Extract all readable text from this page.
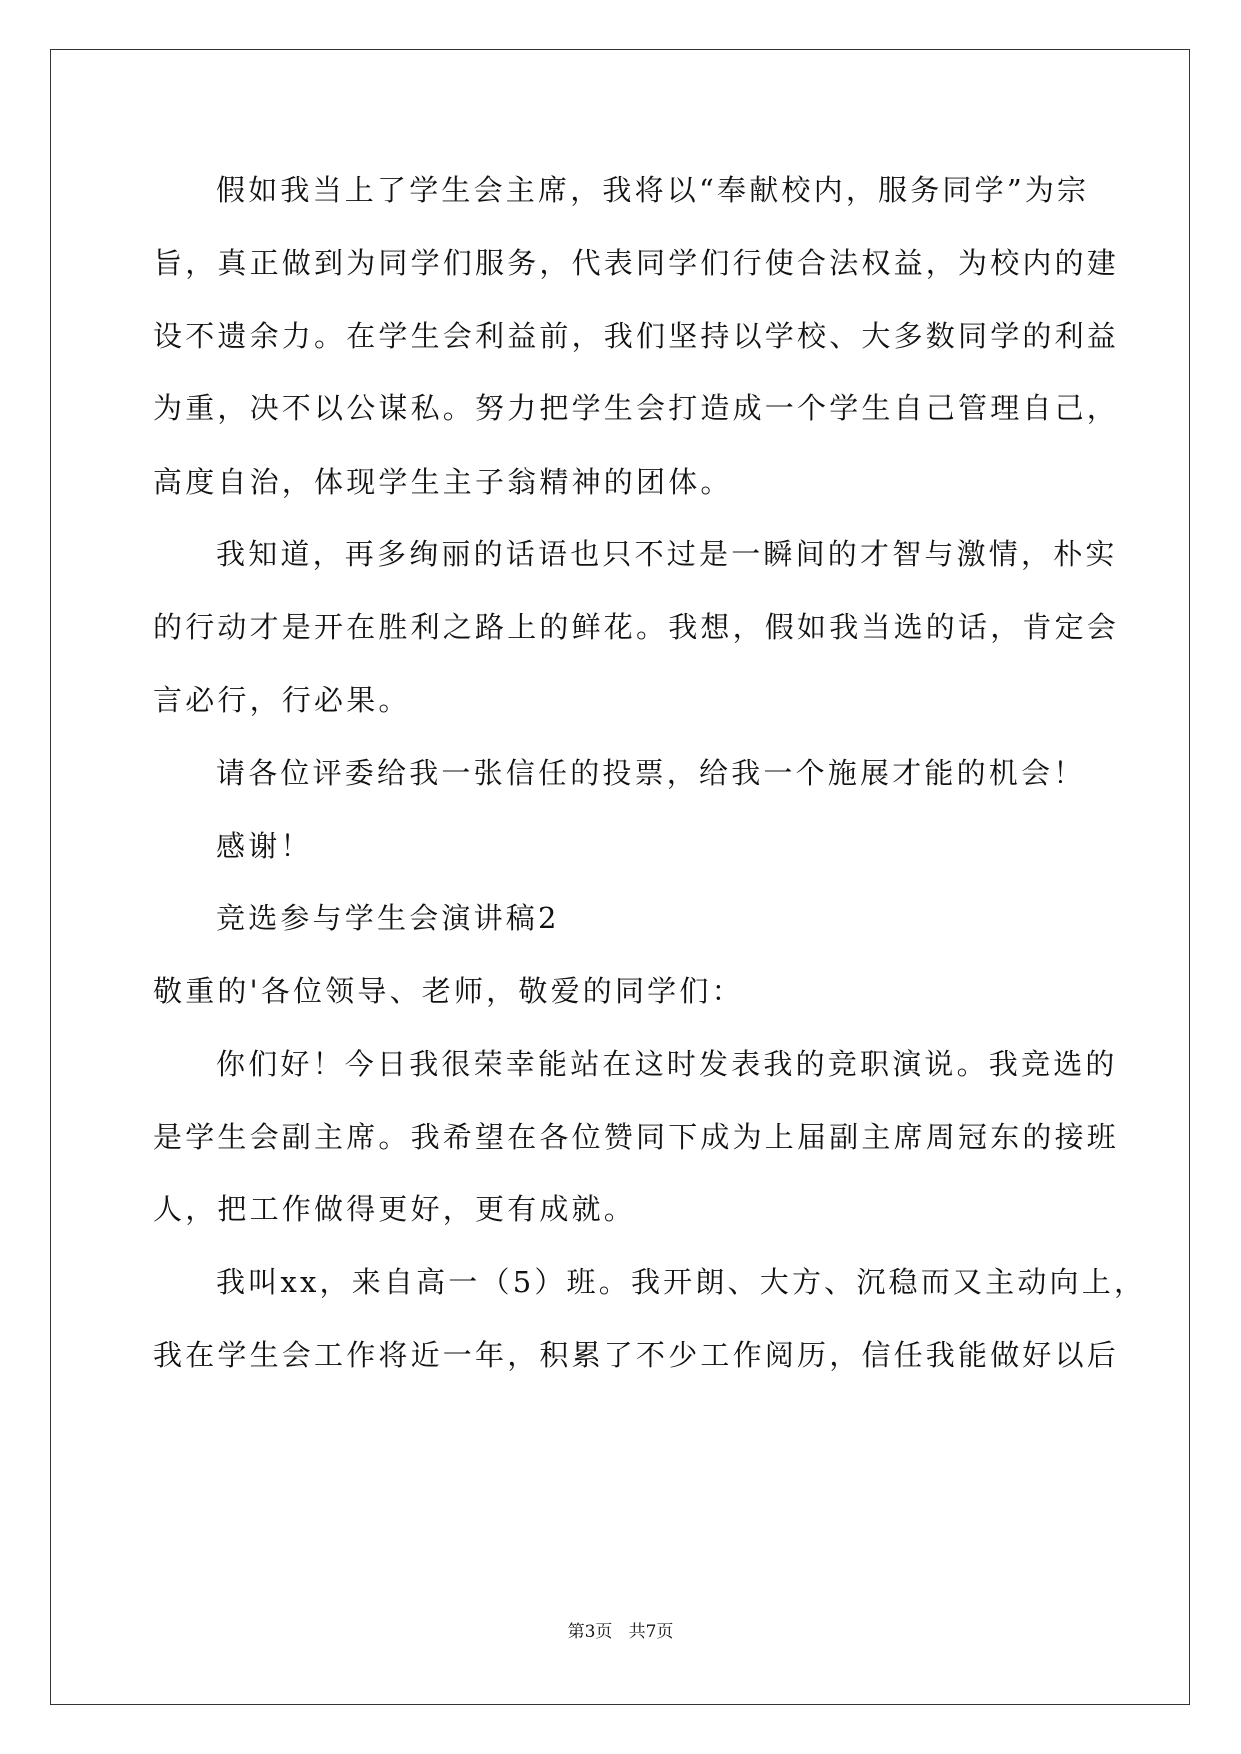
假如我当上了学生会主席，我将以“奉献校内，服务同学”为宗
旨，真正做到为同学们服务，代表同学们行使合法权益，为校内的建
设不遗余力。在学生会利益前，我们坚持以学校、大多数同学的利益
为重，决不以公谋私。努力把学生会打造成一个学生自己管理自己，
高度自治，体现学生主子翁精神的团体。
我知道，再多绚丽的话语也只不过是一瞬间的才智与激情，朴实
的行动才是开在胜利之路上的鲜花。我想，假如我当选的话，肯定会
言必行，行必果。
请各位评委给我一张信任的投票，给我一个施展才能的机会！
感谢！
竞选参与学生会演讲稿2
敬重的'各位领导、老师，敬爱的同学们：
你们好！今日我很荣幸能站在这时发表我的竞职演说。我竞选的
是学生会副主席。我希望在各位赞同下成为上届副主席周冠东的接班
人，把工作做得更好，更有成就。
我叫xx，来自高一（5）班。我开朗、大方、沉稳而又主动向上，
我在学生会工作将近一年，积累了不少工作阅历，信任我能做好以后
第3页   共7页
